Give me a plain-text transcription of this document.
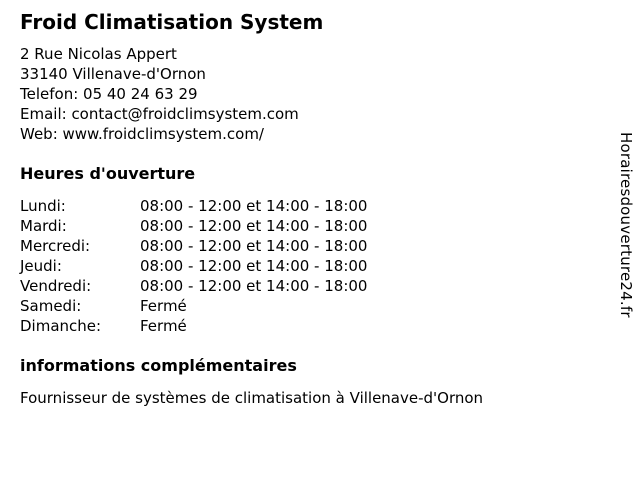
Froid Climatisation System
2 Rue Nicolas Appert
33140 Villenave-d'Ornon
Telefon: 05 40 24 63 29
Email: contact@froidclimsystem.com
Web: www.froidclimsystem.com/
Heures d'ouverture
Lundi:	08:00 - 12:00 et 14:00 - 18:00
Mardi:	08:00 - 12:00 et 14:00 - 18:00
Mercredi:	08:00 - 12:00 et 14:00 - 18:00
Jeudi:	08:00 - 12:00 et 14:00 - 18:00
Vendredi:	08:00 - 12:00 et 14:00 - 18:00
Samedi:	Fermé
Dimanche:	Fermé
informations complémentaires

Fournisseur de systèmes de climatisation à Villenave-d'Ornon

Horairesdouverture24.fr
